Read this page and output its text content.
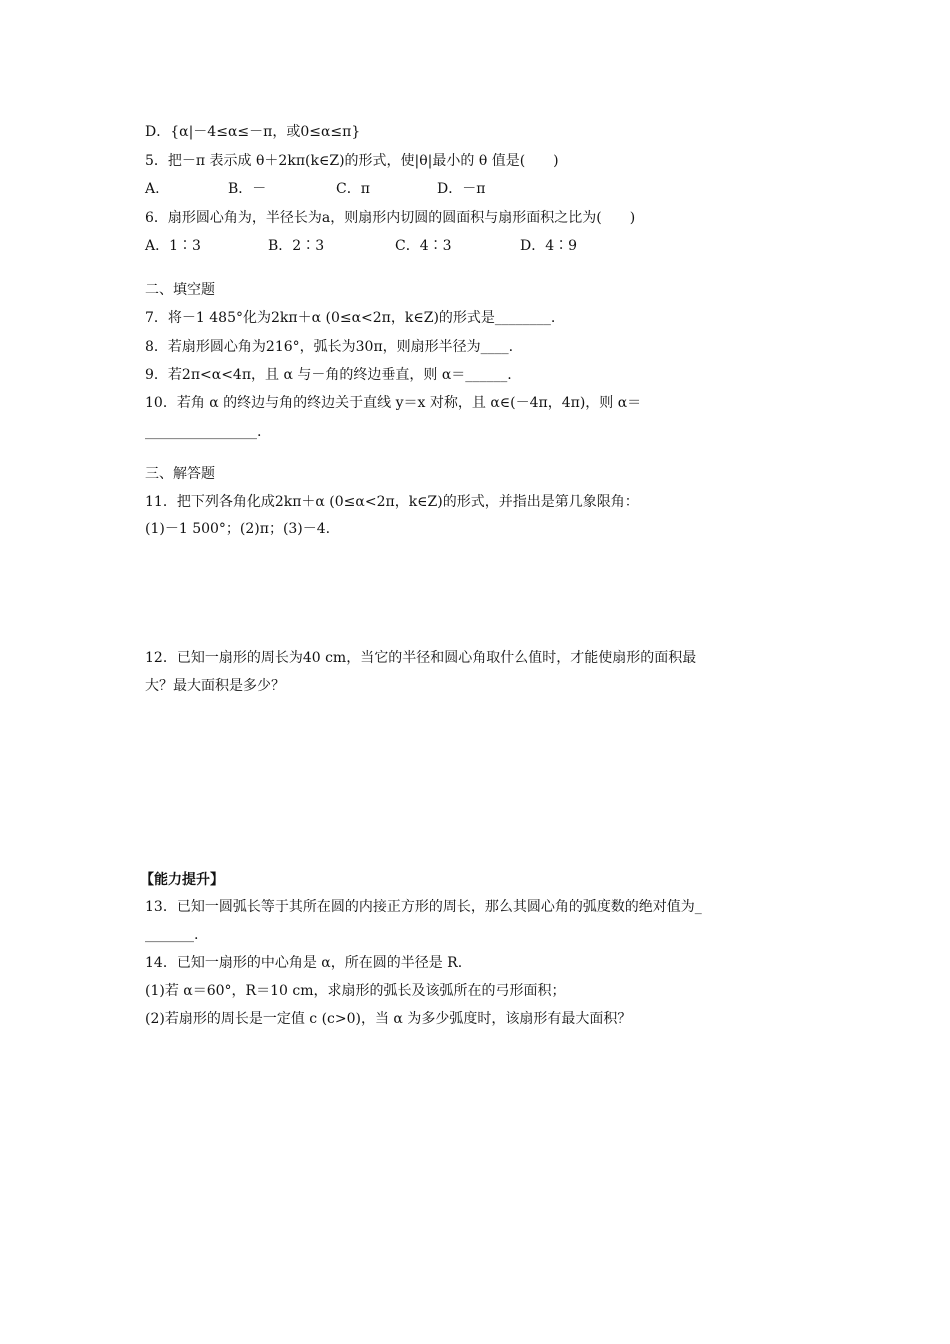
D．{α|－4≤α≤－π，或0≤α≤π}
5．把－π 表示成 θ＋2kπ(k∈Z)的形式，使|θ|最小的 θ 值是(　　)
A.	B．－	C．π	D．－π
6．扇形圆心角为，半径长为a，则扇形内切圆的圆面积与扇形面积之比为(　　)
A．1∶3	B．2∶3	C．4∶3	D．4∶9
二、填空题
7．将－1 485°化为2kπ＋α (0≤α<2π，k∈Z)的形式是________.
8．若扇形圆心角为216°，弧长为30π，则扇形半径为____.
9．若2π<α<4π，且 α 与－角的终边垂直，则 α＝______.
10．若角 α 的终边与角的终边关于直线 y＝x 对称，且 α∈(－4π，4π)，则 α＝
________________.
三、解答题
11．把下列各角化成2kπ＋α (0≤α<2π，k∈Z)的形式，并指出是第几象限角：
(1)－1 500°；(2)π；(3)－4.
12．已知一扇形的周长为40 cm，当它的半径和圆心角取什么值时，才能使扇形的面积最
大？最大面积是多少？
【能力提升】
13．已知一圆弧长等于其所在圆的内接正方形的周长，那么其圆心角的弧度数的绝对值为_
_______.
14．已知一扇形的中心角是 α，所在圆的半径是 R.
(1)若 α＝60°，R＝10 cm，求扇形的弧长及该弧所在的弓形面积；
(2)若扇形的周长是一定值 c (c>0)，当 α 为多少弧度时，该扇形有最大面积？
